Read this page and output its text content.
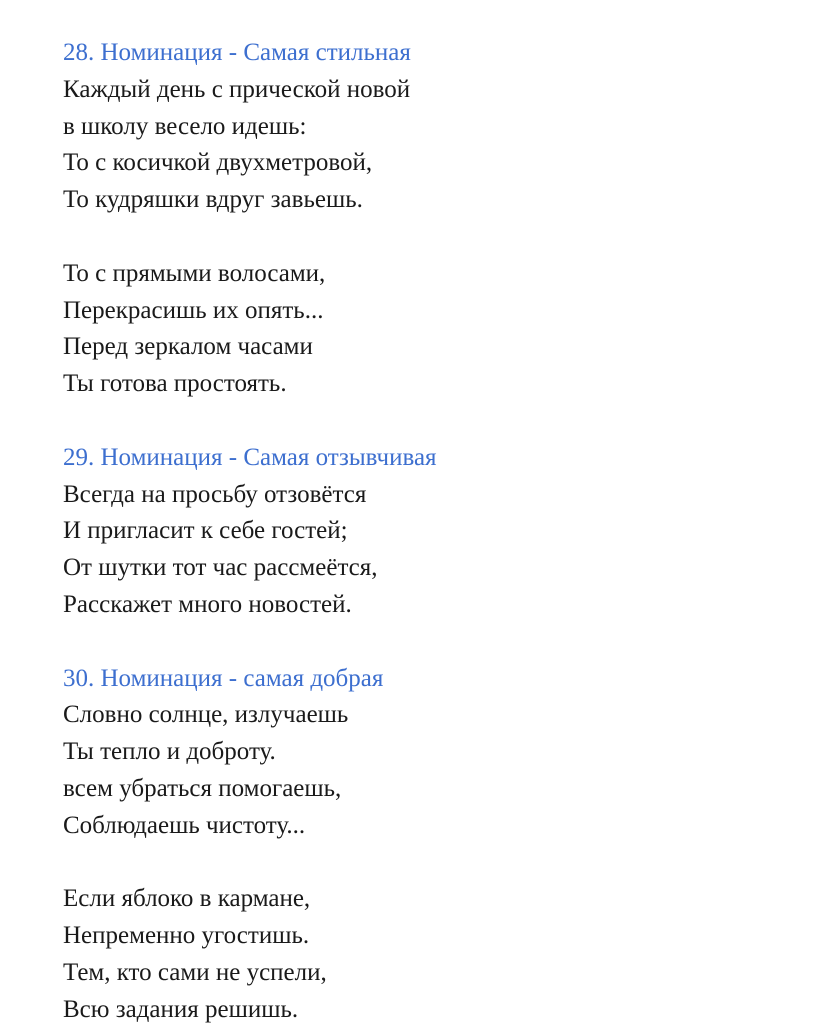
28. Номинация - Самая стильная

Каждый день с прической новой

в школу весело идешь:

То с косичкой двухметровой,

То кудряшки вдруг завьешь.

То с прямыми волосами,

Перекрасишь их опять...

Перед зеркалом часами

Ты готова простоять.

29. Номинация - Самая отзывчивая

Всегда на просьбу отзовётся

И пригласит к себе гостей;

От шутки тот час рассмеётся,

Расскажет много новостей.

30. Номинация - самая добрая

Словно солнце, излучаешь

Ты тепло и доброту.

всем убраться помогаешь,

Соблюдаешь чистоту...

Если яблоко в кармане,

Непременно угостишь.

Тем, кто сами не успели,

Всю задания решишь.
